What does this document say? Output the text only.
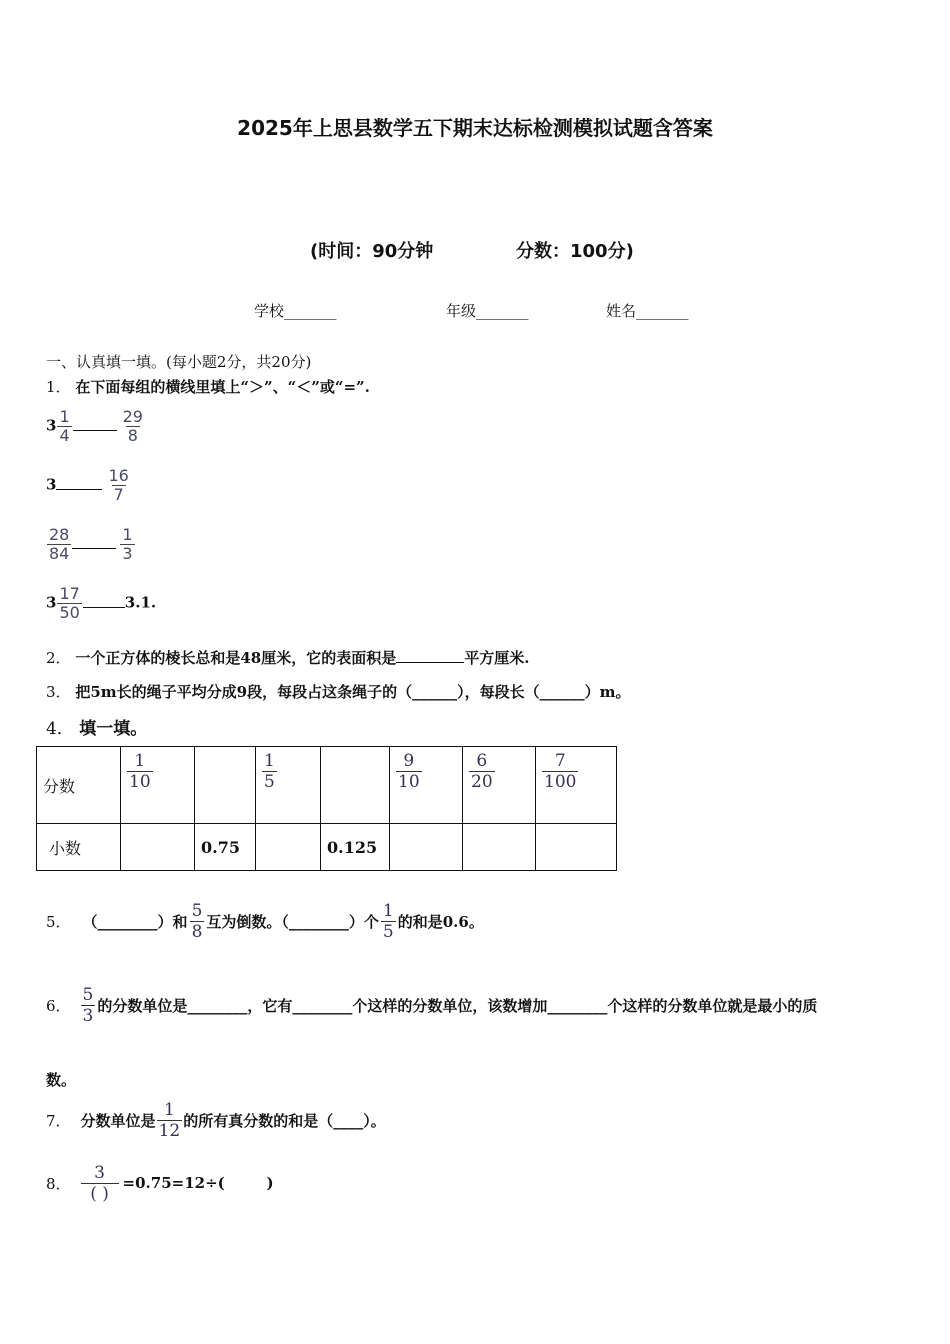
2025年上思县数学五下期末达标检测模拟试题含答案
(时间：90分钟	分数：100分)
学校_______	年级_______	姓名_______
一、认真填一填。(每小题2分，共20分)
1． 在下面每组的横线里填上“＞”、“＜”或“=”.
$3 \frac{1}{4}$	$\frac{29}{8}$
3	$\frac{16}{7}$
$\frac{28}{84}$	$\frac{1}{3}$
$3 \frac{17}{50}$	3.1.
2． 一个正方体的棱长总和是48厘米，它的表面积是	平方厘米.
3． 把5m长的绳子平均分成9段，每段占这条绳子的（______），每段长（______）m。
4． 填一填。
分数	$\frac{1}{10}$		$\frac{1}{5}$		$\frac{9}{10}$	$\frac{6}{20}$	$\frac{7}{100}$

小数		0.75		0.125			
5． （________）和
5
8 互为倒数。（________）个
1
5 的和是0.6。
6．
5
3 的分数单位是________，它有________个这样的分数单位，该数增加________个这样的分数单位就是最小的质
数。
7． 分数单位是
1
12 的所有真分数的和是（____）。
8．
3
( )
=0.75=12÷(        )
